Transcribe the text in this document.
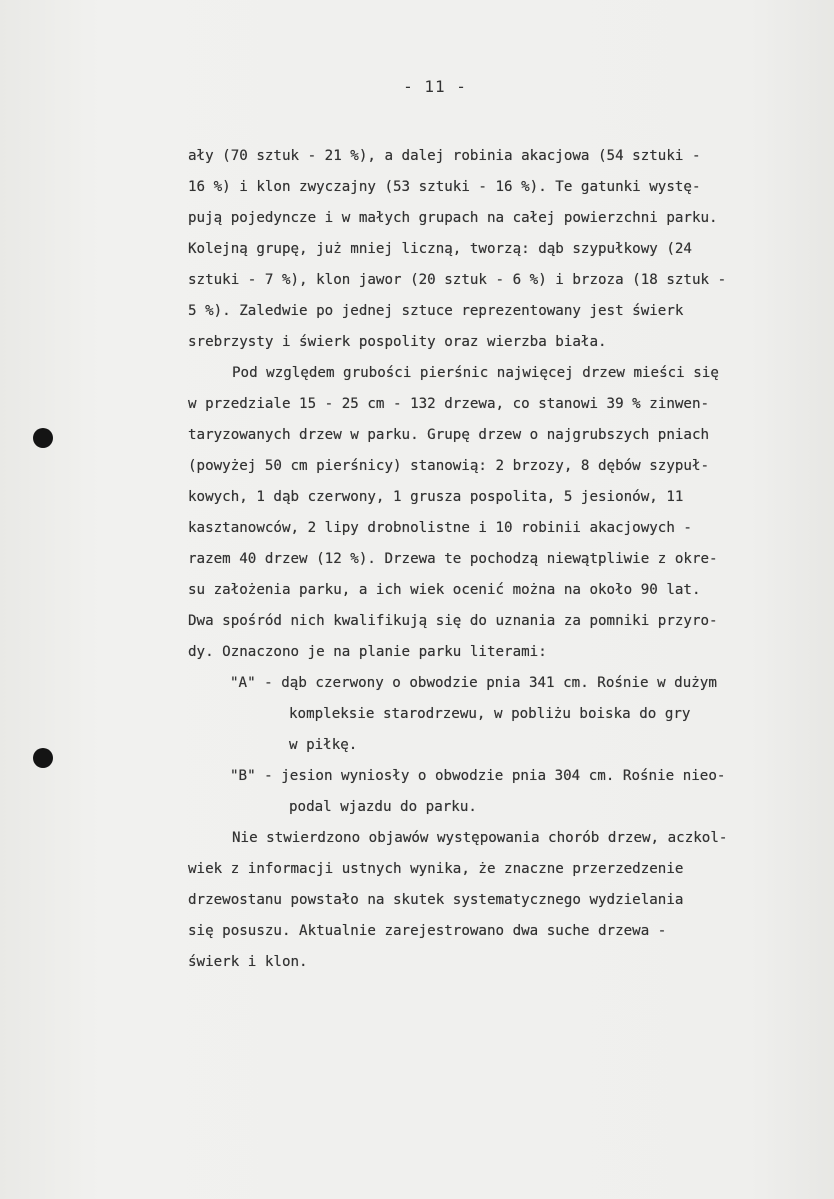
- 11 -
ały (70 sztuk - 21 %), a dalej robinia akacjowa (54 sztuki -
16 %) i klon zwyczajny (53 sztuki - 16 %). Te gatunki wystę-
pują pojedyncze i w małych grupach na całej powierzchni parku.
Kolejną grupę, już mniej liczną, tworzą: dąb szypułkowy (24
sztuki - 7 %), klon jawor (20 sztuk - 6 %) i brzoza (18 sztuk -
5 %). Zaledwie po jednej sztuce reprezentowany jest świerk
srebrzysty i świerk pospolity oraz wierzba biała.
Pod względem grubości pierśnic najwięcej drzew mieści się
w przedziale 15 - 25 cm - 132 drzewa, co stanowi 39 % zinwen-
taryzowanych drzew w parku. Grupę drzew o najgrubszych pniach
(powyżej 50 cm pierśnicy) stanowią: 2 brzozy, 8 dębów szypuł-
kowych, 1 dąb czerwony, 1 grusza pospolita, 5 jesionów, 11
kasztanowców, 2 lipy drobnolistne i 10 robinii akacjowych -
razem 40 drzew (12 %). Drzewa te pochodzą niewątpliwie z okre-
su założenia parku, a ich wiek ocenić można na około 90 lat.
Dwa spośród nich kwalifikują się do uznania za pomniki przyro-
dy. Oznaczono je na planie parku literami:
"A" - dąb czerwony o obwodzie pnia 341 cm. Rośnie w dużym
kompleksie starodrzewu, w pobliżu boiska do gry
w piłkę.
"B" - jesion wyniosły o obwodzie pnia 304 cm. Rośnie nieo-
podal wjazdu do parku.
Nie stwierdzono objawów występowania chorób drzew, aczkol-
wiek z informacji ustnych wynika, że znaczne przerzedzenie
drzewostanu powstało na skutek systematycznego wydzielania
się posuszu. Aktualnie zarejestrowano dwa suche drzewa -
świerk i klon.
